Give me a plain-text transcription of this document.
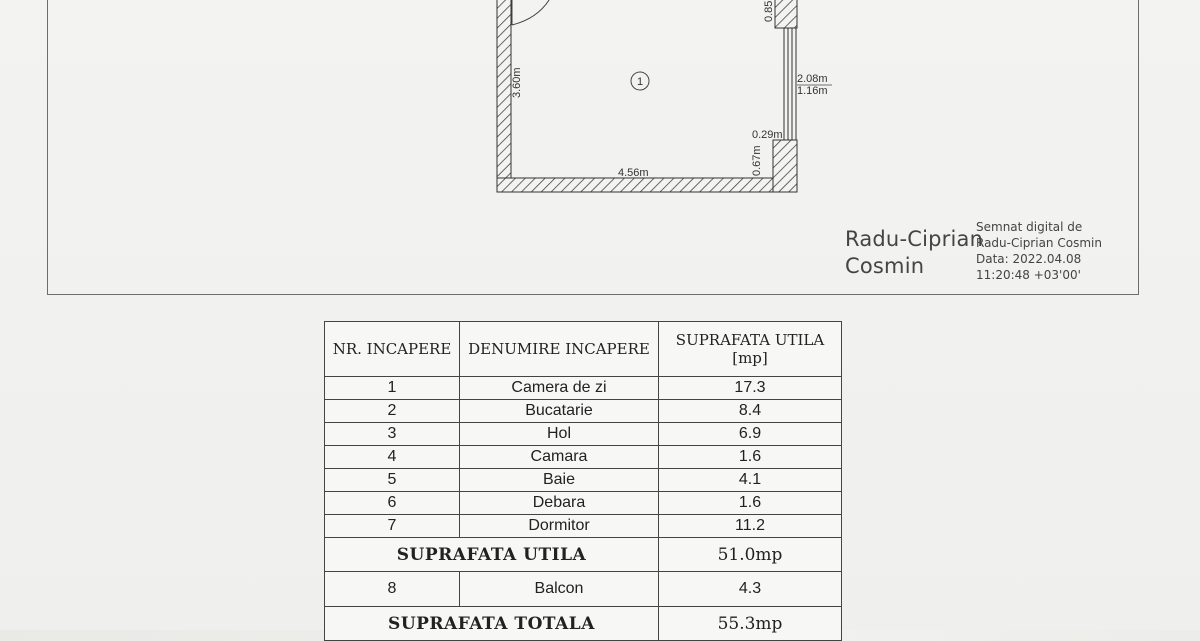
1
3.60m
4.56m
0.85
2.08m
1.16m
0.29m
0.67m
Radu-Ciprian
Cosmin
Semnat digital de
Radu-Ciprian Cosmin
Data: 2022.04.08
11:20:48 +03'00'
NR. INCAPERE	DENUMIRE INCAPERE	SUPRAFATA UTILA
[mp]

1	Camera de zi	17.3
2	Bucatarie	8.4
3	Hol	6.9
4	Camara	1.6
5	Baie	4.1
6	Debara	1.6
7	Dormitor	11.2
SUPRAFATA UTILA		51.0mp
8	Balcon	4.3
SUPRAFATA TOTALA		55.3mp
